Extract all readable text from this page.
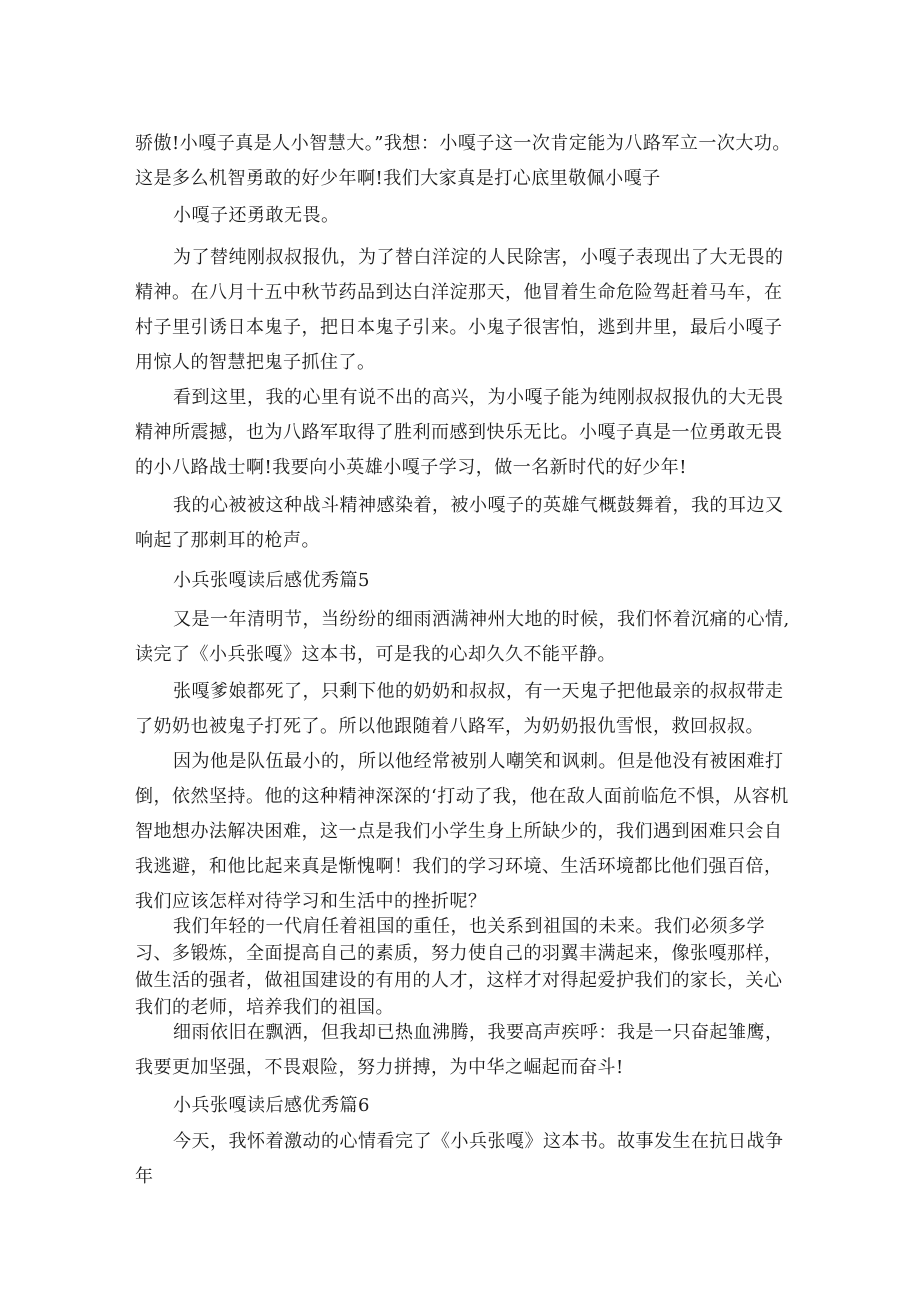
骄傲!小嘎子真是人小智慧大。”我想：小嘎子这一次肯定能为八路军立一次大功。这是多么机智勇敢的好少年啊!我们大家真是打心底里敬佩小嘎子

小嘎子还勇敢无畏。

为了替纯刚叔叔报仇，为了替白洋淀的人民除害，小嘎子表现出了大无畏的精神。在八月十五中秋节药品到达白洋淀那天，他冒着生命危险驾赶着马车，在村子里引诱日本鬼子，把日本鬼子引来。小鬼子很害怕，逃到井里，最后小嘎子用惊人的智慧把鬼子抓住了。

看到这里，我的心里有说不出的高兴，为小嘎子能为纯刚叔叔报仇的大无畏精神所震撼，也为八路军取得了胜利而感到快乐无比。小嘎子真是一位勇敢无畏的小八路战士啊!我要向小英雄小嘎子学习，做一名新时代的好少年!

我的心被被这种战斗精神感染着，被小嘎子的英雄气概鼓舞着，我的耳边又响起了那刺耳的枪声。

小兵张嘎读后感优秀篇5

又是一年清明节，当纷纷的细雨洒满神州大地的时候，我们怀着沉痛的心情,读完了《小兵张嘎》这本书，可是我的心却久久不能平静。

张嘎爹娘都死了，只剩下他的奶奶和叔叔，有一天鬼子把他最亲的叔叔带走了奶奶也被鬼子打死了。所以他跟随着八路军，为奶奶报仇雪恨，救回叔叔。

因为他是队伍最小的，所以他经常被别人嘲笑和讽刺。但是他没有被困难打倒，依然坚持。他的这种精神深深的‘打动了我，他在敌人面前临危不惧，从容机智地想办法解决困难，这一点是我们小学生身上所缺少的，我们遇到困难只会自我逃避，和他比起来真是惭愧啊！我们的学习环境、生活环境都比他们强百倍，我们应该怎样对待学习和生活中的挫折呢？

我们年轻的一代肩任着祖国的重任，也关系到祖国的未来。我们必须多学习、多锻炼，全面提高自己的素质，努力使自己的羽翼丰满起来，像张嘎那样，做生活的强者，做祖国建设的有用的人才，这样才对得起爱护我们的家长，关心我们的老师，培养我们的祖国。

细雨依旧在飘洒，但我却已热血沸腾，我要高声疾呼：我是一只奋起雏鹰，我要更加坚强，不畏艰险，努力拼搏，为中华之崛起而奋斗!

小兵张嘎读后感优秀篇6

今天，我怀着激动的心情看完了《小兵张嘎》这本书。故事发生在抗日战争年
